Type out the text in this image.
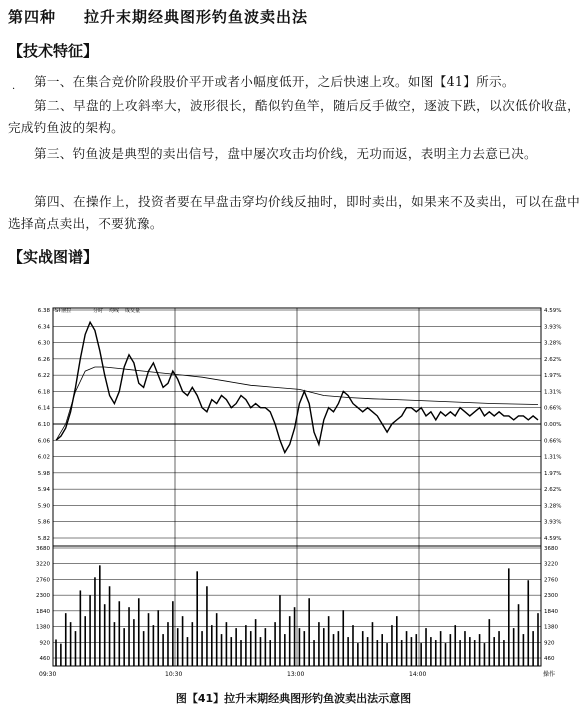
第四种 拉升末期经典图形钓鱼波卖出法
【技术特征】
·
第一、在集合竞价阶段股价平开或者小幅度低开，之后快速上攻。如图【41】所示。
第二、早盘的上攻斜率大，波形很长，酷似钓鱼竿，随后反手做空，逐波下跌，以次低价收盘，完成钓鱼波的架构。
第三、钓鱼波是典型的卖出信号，盘中屡次攻击均价线，无功而返，表明主力去意已决。
第四、在操作上，投资者要在早盘击穿均价线反抽时，即时卖出，如果来不及卖出，可以在盘中选择高点卖出，不要犹豫。
【实战图谱】
ST泄拉	分时 均线 成交量
6.38	4.59%
6.34	3.93%
6.30	3.28%
6.26	2.62%
6.22	1.97%
6.18	1.31%
6.14	0.66%
6.10	0.00%
6.06	0.66%
6.02	1.31%
5.98	1.97%
5.94	2.62%
5.90	3.28%
5.86	3.93%
5.82	4.59%
3680	3680
3220	3220
2760	2760
2300	2300
1840	1840
1380	1380
920	920
460	460
09:30	10:30	13:00	14:00	操作
图【41】拉升末期经典图形钓鱼波卖出法示意图
